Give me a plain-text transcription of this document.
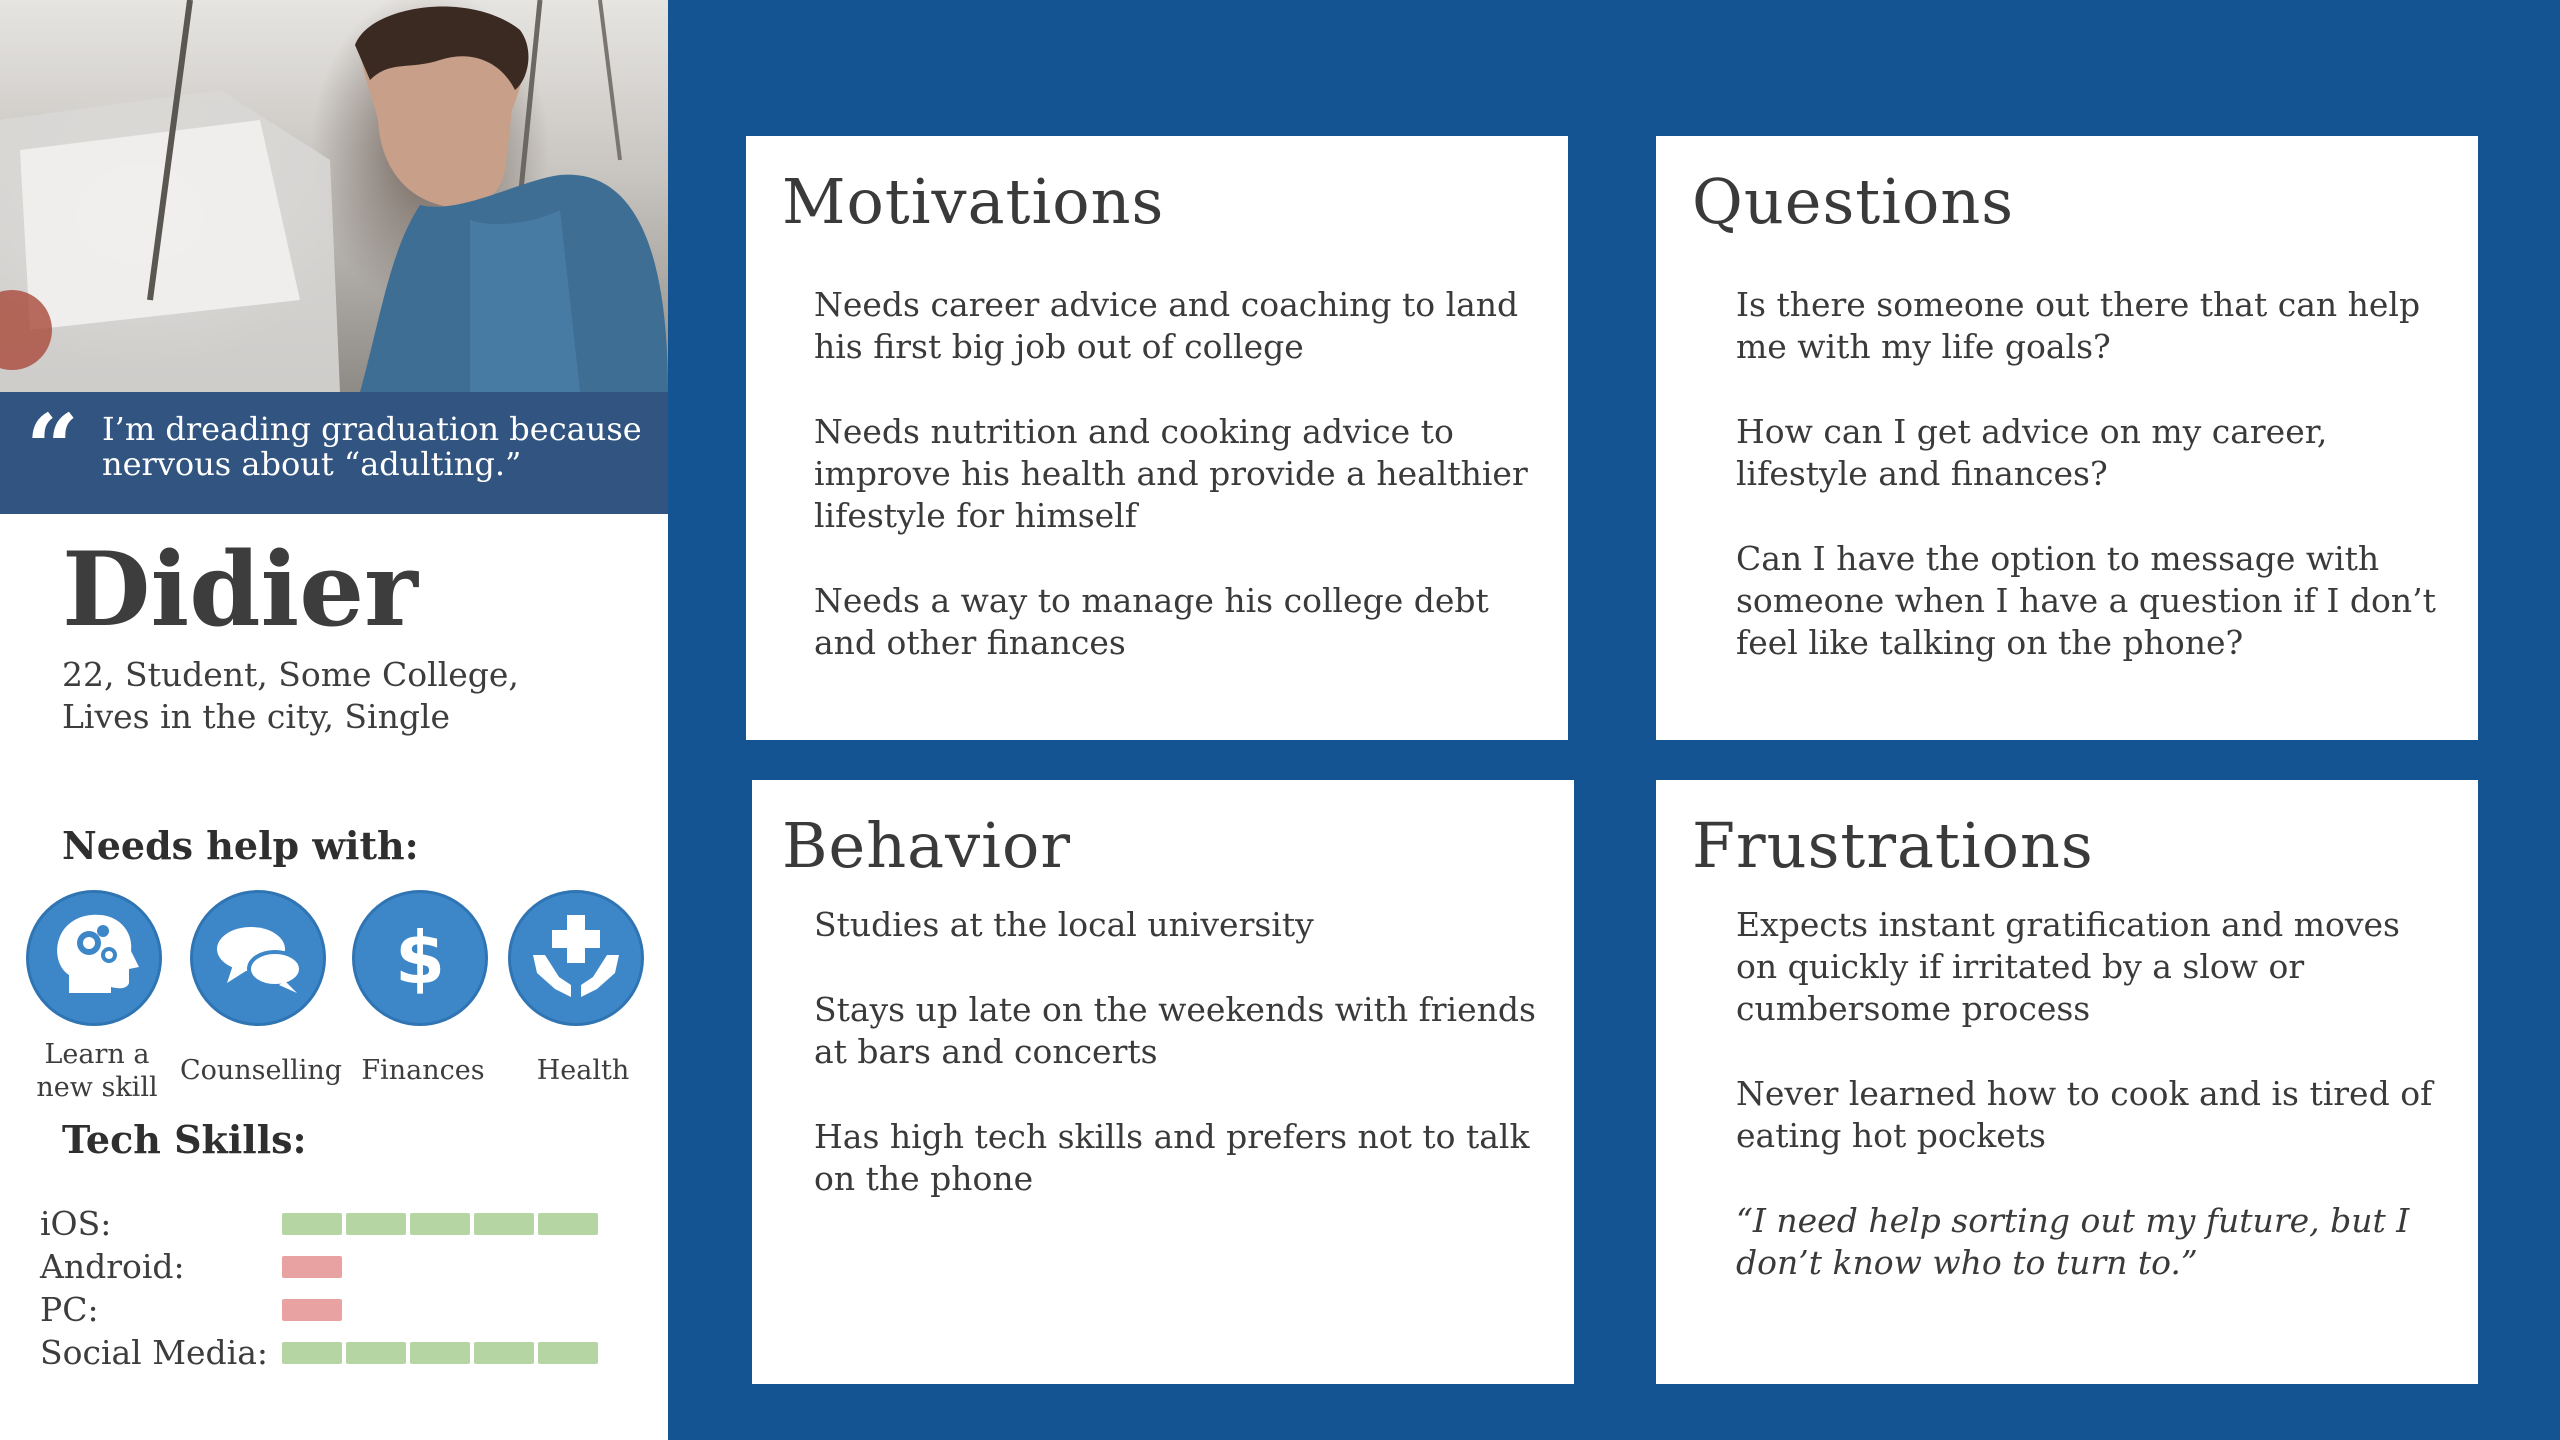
“ I’m dreading graduation because nervous about “adulting.”
Didier
22, Student, Some College, Lives in the city, Single
Needs help with:
Learn a new skill
Counselling
$
Finances	Health
Tech Skills:
iOS:
Android:
PC:
Social Media:
Motivations
Needs career advice and coaching to land his first big job out of college
Needs nutrition and cooking advice to improve his health and provide a healthier lifestyle for himself
Needs a way to manage his college debt and other finances
Questions
Is there someone out there that can help me with my life goals?
How can I get advice on my career, lifestyle and finances?
Can I have the option to message with someone when I have a question if I don’t feel like talking on the phone?
Behavior
Studies at the local university
Stays up late on the weekends with friends at bars and concerts
Has high tech skills and prefers not to talk on the phone
Frustrations
Expects instant gratification and moves on quickly if irritated by a slow or cumbersome process
Never learned how to cook and is tired of eating hot pockets
“I need help sorting out my future, but I don’t know who to turn to.”
